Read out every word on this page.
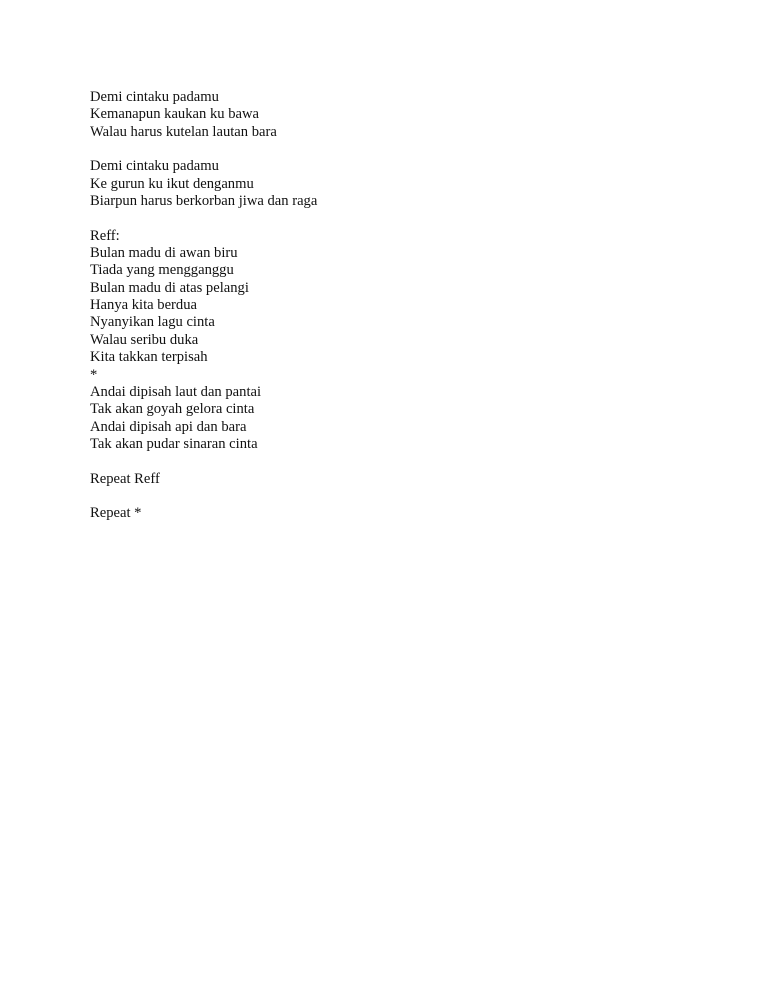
Demi cintaku padamu
Kemanapun kaukan ku bawa
Walau harus kutelan lautan bara
Demi cintaku padamu
Ke gurun ku ikut denganmu
Biarpun harus berkorban jiwa dan raga
Reff:
Bulan madu di awan biru
Tiada yang mengganggu
Bulan madu di atas pelangi
Hanya kita berdua
Nyanyikan lagu cinta
Walau seribu duka
Kita takkan terpisah
*
Andai dipisah laut dan pantai
Tak akan goyah gelora cinta
Andai dipisah api dan bara
Tak akan pudar sinaran cinta
Repeat Reff
Repeat *
